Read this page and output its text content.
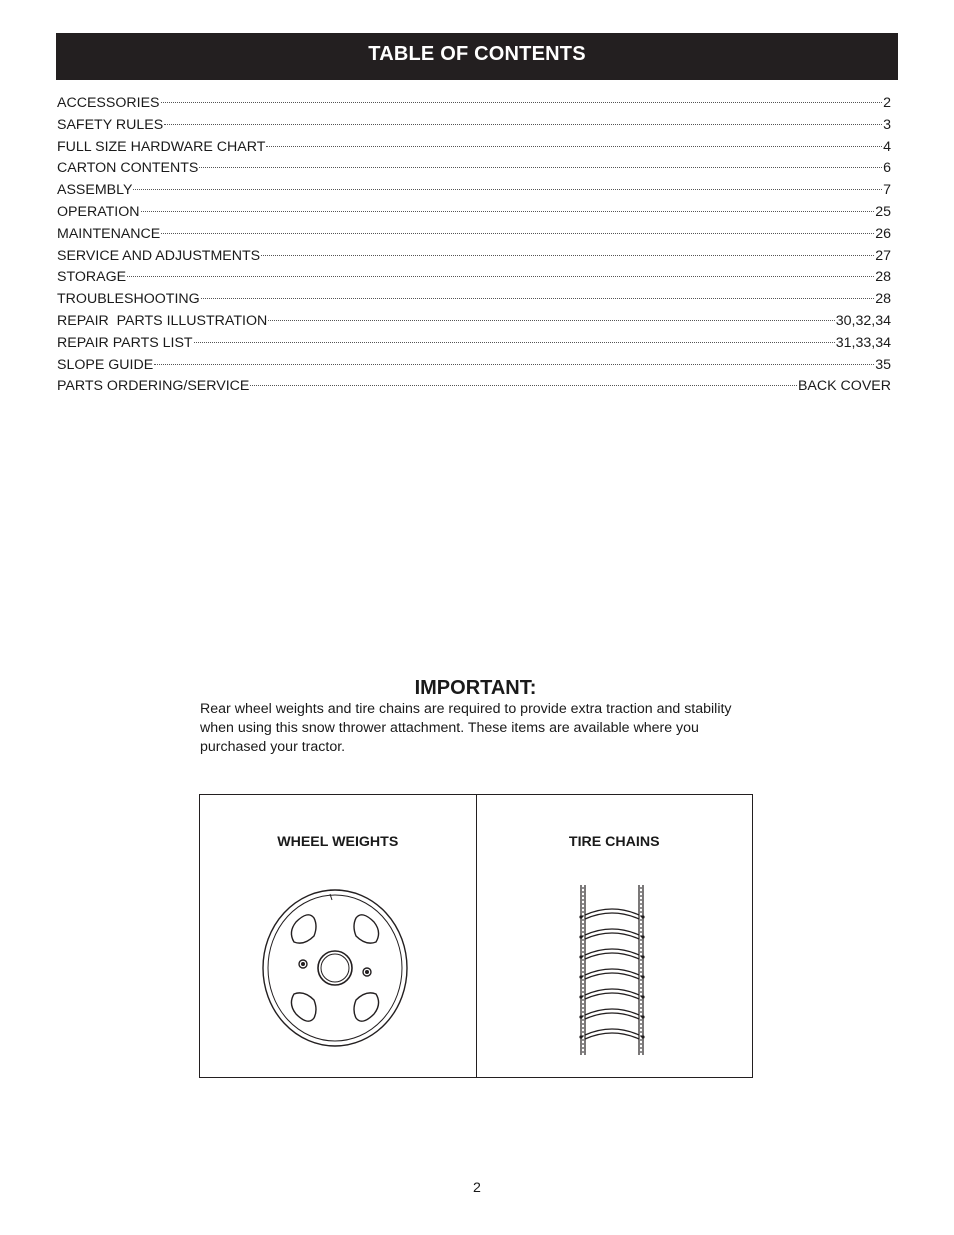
TABLE OF CONTENTS
ACCESSORIES	2
SAFETY RULES	3
FULL SIZE HARDWARE CHART	4
CARTON CONTENTS	6
ASSEMBLY	7
OPERATION	25
MAINTENANCE	26
SERVICE AND ADJUSTMENTS	27
STORAGE	28
TROUBLESHOOTING	28
REPAIR  PARTS ILLUSTRATION	30,32,34
REPAIR PARTS LIST	31,33,34
SLOPE GUIDE	35
PARTS ORDERING/SERVICE	BACK COVER
IMPORTANT:

Rear wheel weights and tire chains are required to provide extra traction and stability when using this snow thrower attachment. These items are available where you purchased your tractor.

WHEEL WEIGHTS	TIRE CHAINS
2
